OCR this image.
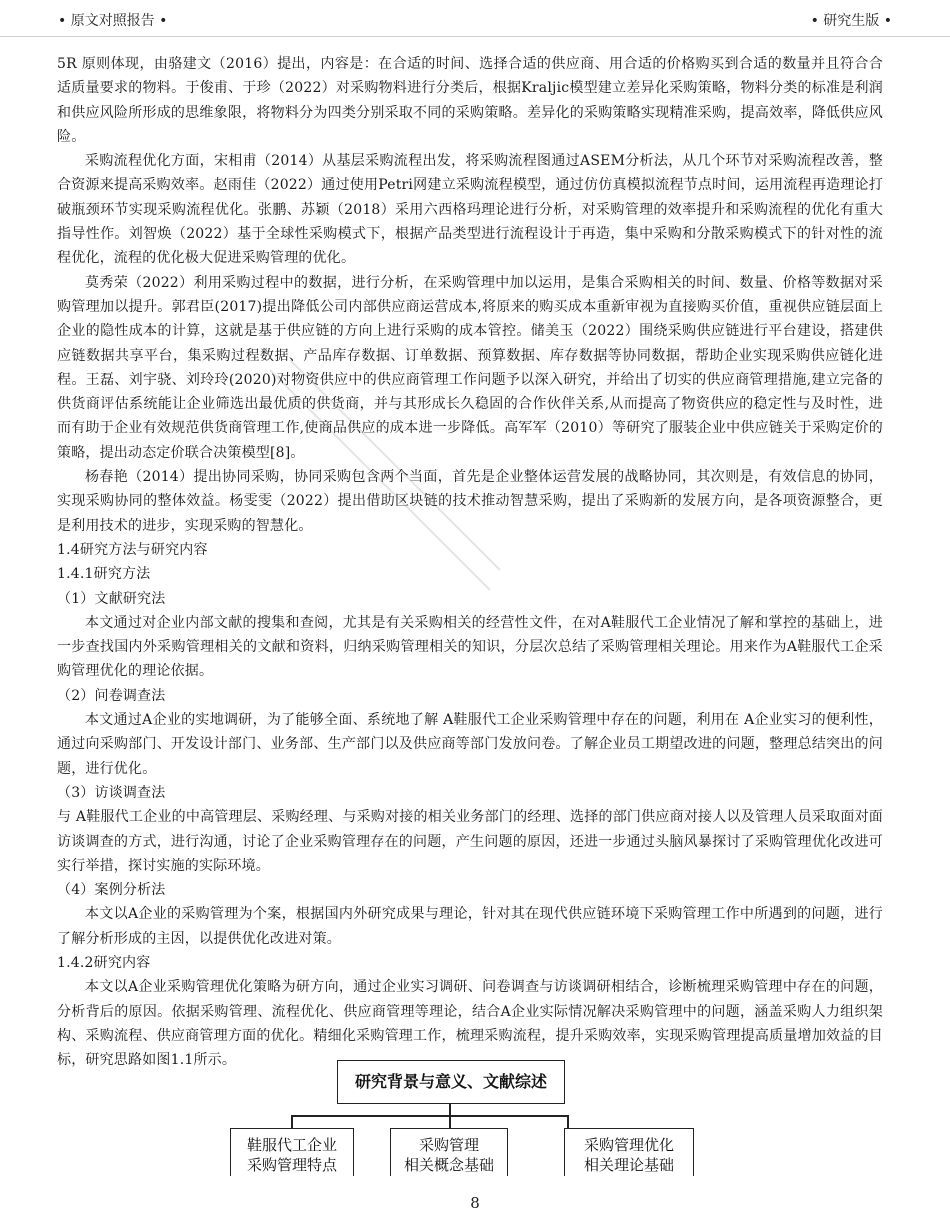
• 原文对照报告 •	• 研究生版 •

5R 原则体现，由骆建文（2016）提出，内容是：在合适的时间、选择合适的供应商、用合适的价格购买到合适的数量并且符合合适质量要求的物料。于俊甫、于珍（2022）对采购物料进行分类后，根据Kraljic模型建立差异化采购策略，物料分类的标准是利润和供应风险所形成的思维象限，将物料分为四类分别采取不同的采购策略。差异化的采购策略实现精准采购，提高效率，降低供应风险。

采购流程优化方面，宋相甫（2014）从基层采购流程出发，将采购流程图通过ASEM分析法，从几个环节对采购流程改善，整合资源来提高采购效率。赵雨佳（2022）通过使用Petri网建立采购流程模型，通过仿仿真模拟流程节点时间，运用流程再造理论打破瓶颈环节实现采购流程优化。张鹏、苏颖（2018）采用六西格玛理论进行分析，对采购管理的效率提升和采购流程的优化有重大指导性作。刘智焕（2022）基于全球性采购模式下，根据产品类型进行流程设计于再造，集中采购和分散采购模式下的针对性的流程优化，流程的优化极大促进采购管理的优化。

莫秀荣（2022）利用采购过程中的数据，进行分析，在采购管理中加以运用，是集合采购相关的时间、数量、价格等数据对采购管理加以提升。郭君臣(2017)提出降低公司内部供应商运营成本,将原来的购买成本重新审视为直接购买价值，重视供应链层面上企业的隐性成本的计算，这就是基于供应链的方向上进行采购的成本管控。储美玉（2022）围绕采购供应链进行平台建设，搭建供应链数据共享平台，集采购过程数据、产品库存数据、订单数据、预算数据、库存数据等协同数据，帮助企业实现采购供应链化进程。王磊、刘宇骁、刘玲玲(2020)对物资供应中的供应商管理工作问题予以深入研究，并给出了切实的供应商管理措施,建立完备的供货商评估系统能让企业筛选出最优质的供货商，并与其形成长久稳固的合作伙伴关系,从而提高了物资供应的稳定性与及时性，进而有助于企业有效规范供货商管理工作,使商品供应的成本进一步降低。高军军（2010）等研究了服装企业中供应链关于采购定价的策略，提出动态定价联合决策模型[8]。

杨春艳（2014）提出协同采购，协同采购包含两个当面，首先是企业整体运营发展的战略协同，其次则是，有效信息的协同，实现采购协同的整体效益。杨雯雯（2022）提出借助区块链的技术推动智慧采购，提出了采购新的发展方向，是各项资源整合，更是利用技术的进步，实现采购的智慧化。

1.4研究方法与研究内容

1.4.1研究方法

（1）文献研究法

本文通过对企业内部文献的搜集和查阅，尤其是有关采购相关的经营性文件，在对A鞋服代工企业情况了解和掌控的基础上，进一步查找国内外采购管理相关的文献和资料，归纳采购管理相关的知识，分层次总结了采购管理相关理论。用来作为A鞋服代工企采购管理优化的理论依据。

（2）问卷调查法

本文通过A企业的实地调研，为了能够全面、系统地了解 A鞋服代工企业采购管理中存在的问题，利用在 A企业实习的便利性，通过向采购部门、开发设计部门、业务部、生产部门以及供应商等部门发放问卷。了解企业员工期望改进的问题，整理总结突出的问题，进行优化。

（3）访谈调查法

与 A鞋服代工企业的中高管理层、采购经理、与采购对接的相关业务部门的经理、选择的部门供应商对接人以及管理人员采取面对面访谈调查的方式，进行沟通，讨论了企业采购管理存在的问题，产生问题的原因，还进一步通过头脑风暴探讨了采购管理优化改进可实行举措，探讨实施的实际环境。

（4）案例分析法

本文以A企业的采购管理为个案，根据国内外研究成果与理论，针对其在现代供应链环境下采购管理工作中所遇到的问题，进行了解分析形成的主因，以提供优化改进对策。

1.4.2研究内容

本文以A企业采购管理优化策略为研方向，通过企业实习调研、问卷调查与访谈调研相结合，诊断梳理采购管理中存在的问题，分析背后的原因。依据采购管理、流程优化、供应商管理等理论，结合A企业实际情况解决采购管理中的问题，涵盖采购人力组织架构、采购流程、供应商管理方面的优化。精细化采购管理工作，梳理采购流程，提升采购效率，实现采购管理提高质量增加效益的目标，研究思路如图1.1所示。

研究背景与意义、文献综述
鞋服代工企业
采购管理特点
采购管理
相关概念基础
采购管理优化
相关理论基础
8
